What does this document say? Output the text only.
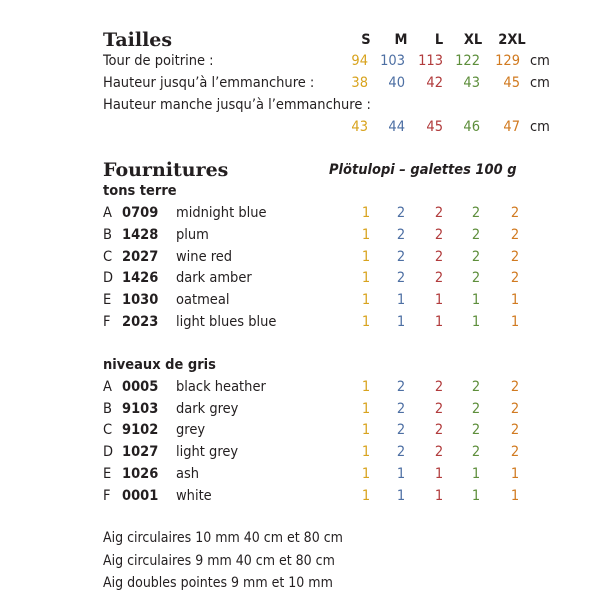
Tailles	S	M	L	XL	2XL
Tour de poitrine :	94 103 113 122	129 cm
Hauteur jusqu’à l’emmanchure :	38	40	42	43	45 cm
Hauteur manche jusqu’à l’emmanchure :
43	44	45	46	47 cm
Fournitures	Plötulopi – galettes 100 g
tons terre
A 0709 midnight blue	1	2	2	2	2
B 1428 plum	1	2	2	2	2
C 2027 wine red	1	2	2	2	2
D 1426 dark amber	1	2	2	2	2
E 1030 oatmeal	1	1	1	1	1
F 2023 light blues blue	1	1	1	1	1
niveaux de gris
A 0005 black heather	1	2	2	2	2
B 9103 dark grey	1	2	2	2	2
C 9102 grey	1	2	2	2	2
D 1027 light grey	1	2	2	2	2
E 1026 ash	1	1	1	1	1
F 0001 white	1	1	1	1	1
Aig circulaires 10 mm 40 cm et 80 cm
Aig circulaires 9 mm 40 cm et 80 cm
Aig doubles pointes 9 mm et 10 mm
